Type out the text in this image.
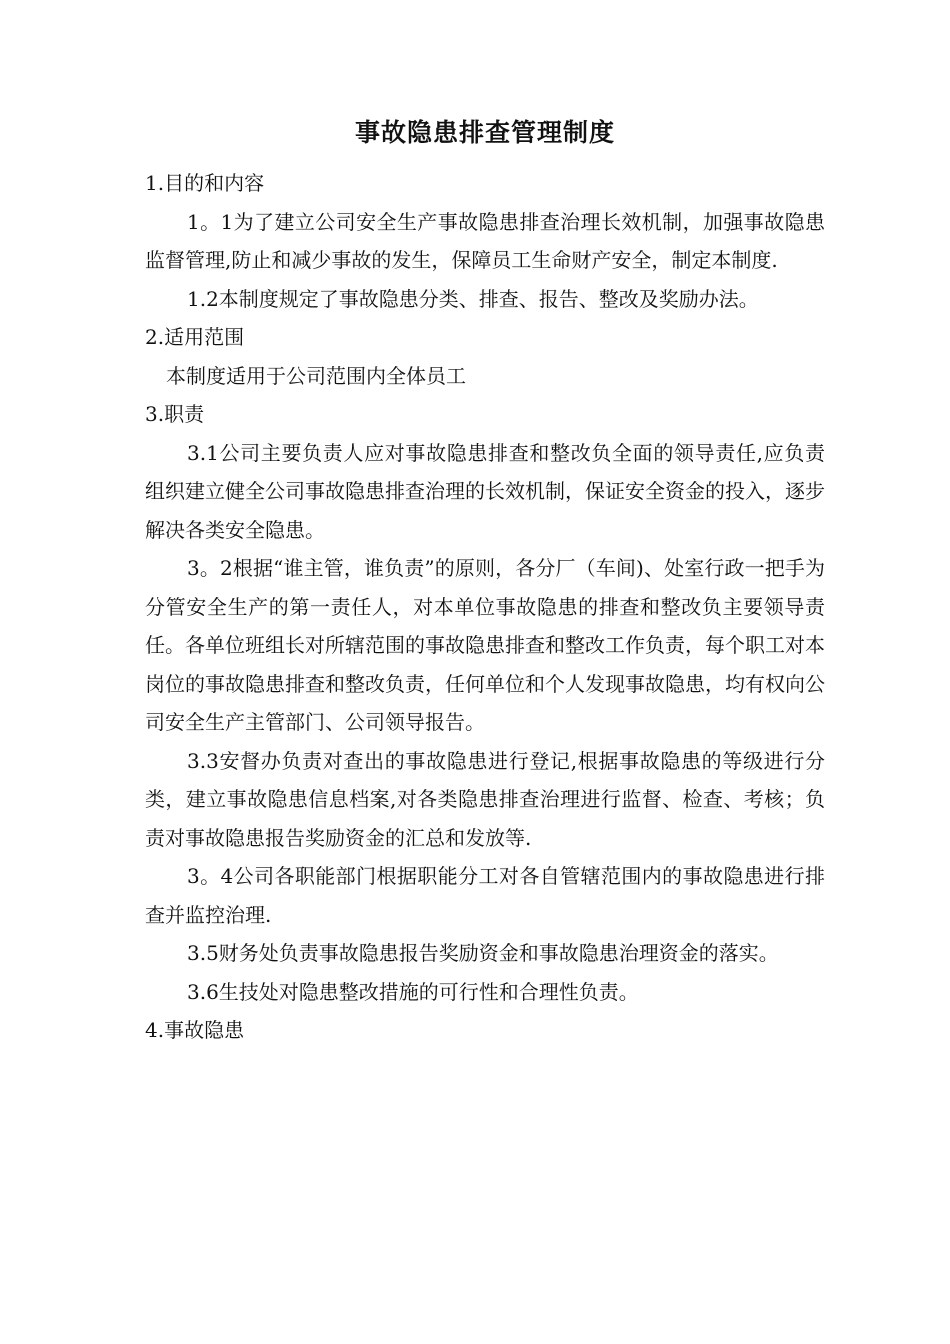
事故隐患排查管理制度

1.目的和内容

1。1为了建立公司安全生产事故隐患排查治理长效机制，加强事故隐患监督管理,防止和减少事故的发生，保障员工生命财产安全，制定本制度.

1.2本制度规定了事故隐患分类、排查、报告、整改及奖励办法。

2.适用范围

本制度适用于公司范围内全体员工

3.职责

3.1公司主要负责人应对事故隐患排查和整改负全面的领导责任,应负责组织建立健全公司事故隐患排查治理的长效机制，保证安全资金的投入，逐步解决各类安全隐患。

3。2根据“谁主管，谁负责”的原则，各分厂（车间)、处室行政一把手为分管安全生产的第一责任人，对本单位事故隐患的排查和整改负主要领导责任。各单位班组长对所辖范围的事故隐患排查和整改工作负责，每个职工对本岗位的事故隐患排查和整改负责，任何单位和个人发现事故隐患，均有权向公司安全生产主管部门、公司领导报告。

3.3安督办负责对查出的事故隐患进行登记,根据事故隐患的等级进行分类，建立事故隐患信息档案,对各类隐患排查治理进行监督、检查、考核；负责对事故隐患报告奖励资金的汇总和发放等.

3。4公司各职能部门根据职能分工对各自管辖范围内的事故隐患进行排查并监控治理.

3.5财务处负责事故隐患报告奖励资金和事故隐患治理资金的落实。

3.6生技处对隐患整改措施的可行性和合理性负责。

4.事故隐患
